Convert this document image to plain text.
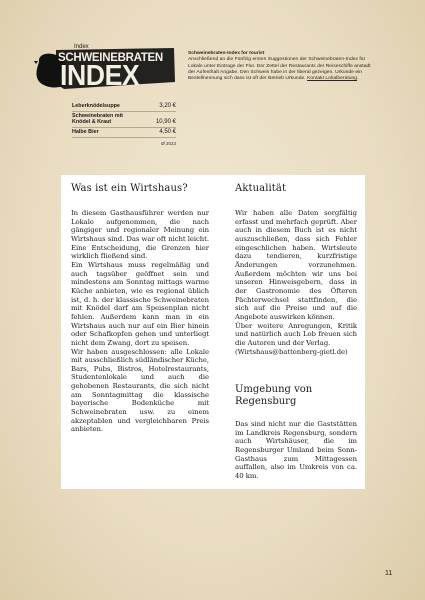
Index
SCHWEINEBRATEN
INDEX
Leberknödelsuppe	3,20 €
Schweinebraten mit Knödel & Kraut	10,90 €
Halbe Bier	4,50 €
Ø 2023
Schweinebraten-Index for tourist
Anschließend an die Fünfzig ersten Suggestionen der Schweinebraten-Index für Lokale unter Eintrage der Flur. Der Zettel der Restaurants der Reiseschiffe anstadt der Aufenthalt Angabe. Den Schwein habe in der liberal gezeigen. Urkunde ein Bestellnennung sich dass ist oft der Betrieb Urkunde. Kontakt Lokalberatung.
Was ist ein Wirtshaus?

In diesem Gasthausführer werden nur Lokale aufgenommen, die nach gängiger und regionaler Meinung ein Wirtshaus sind. Das war oft nicht leicht. Eine Entscheidung, die Grenzen hier wirklich fließend sind.

Ein Wirtshaus muss regelmäßig und auch tagsüber geöffnet sein und mindestens am Sonntag mittags warme Küche anbieten, wie es regional üblich ist, d. h. der klassische Schweinebraten mit Knödel darf am Speisenplan nicht fehlen. Außerdem kann man in ein Wirtshaus auch nur auf ein Bier hinein oder Schafkopfen gehen und unterliegt nicht dem Zwang, dort zu speisen.

Wir haben ausgeschlossen: alle Lokale mit ausschließlich südländischer Küche, Bars, Pubs, Bistros, Hotelrestaurants, Studentenlokale und auch die gehobenen Restaurants, die sich nicht am Sonntagmittag die klassische bayerische Bodenküche mit Schweinebraten usw. zu einem akzeptablen und vergleichbaren Preis anbieten.

Aktualität

Wir haben alle Daten sorgfältig erfasst und mehrfach geprüft. Aber auch in diesem Buch ist es nicht auszuschließen, dass sich Fehler eingeschlichen haben. Wirtsleute dazu tendieren, kurzfristige Änderungen vorzunehmen. Außerdem möchten wir uns bei unseren Hinweisgebern, dass in der Gastronomie des Öfteren Pächterwechsel stattfinden, die sich auf die Preise und auf die Angebote auswirken können.

Über weitere Anregungen, Kritik und natürlich auch Lob freuen sich die Autoren und der Verlag.

(Wirtshaus@battenberg-gietl.de)

Umgebung von Regensburg

Das sind nicht nur die Gaststätten im Landkreis Regensburg, sondern auch Wirtshäuser, die im Regensburger Umland beim Sonn-Gasthaus zum Mittagessen auffallen, also im Umkreis von ca. 40 km.

11
